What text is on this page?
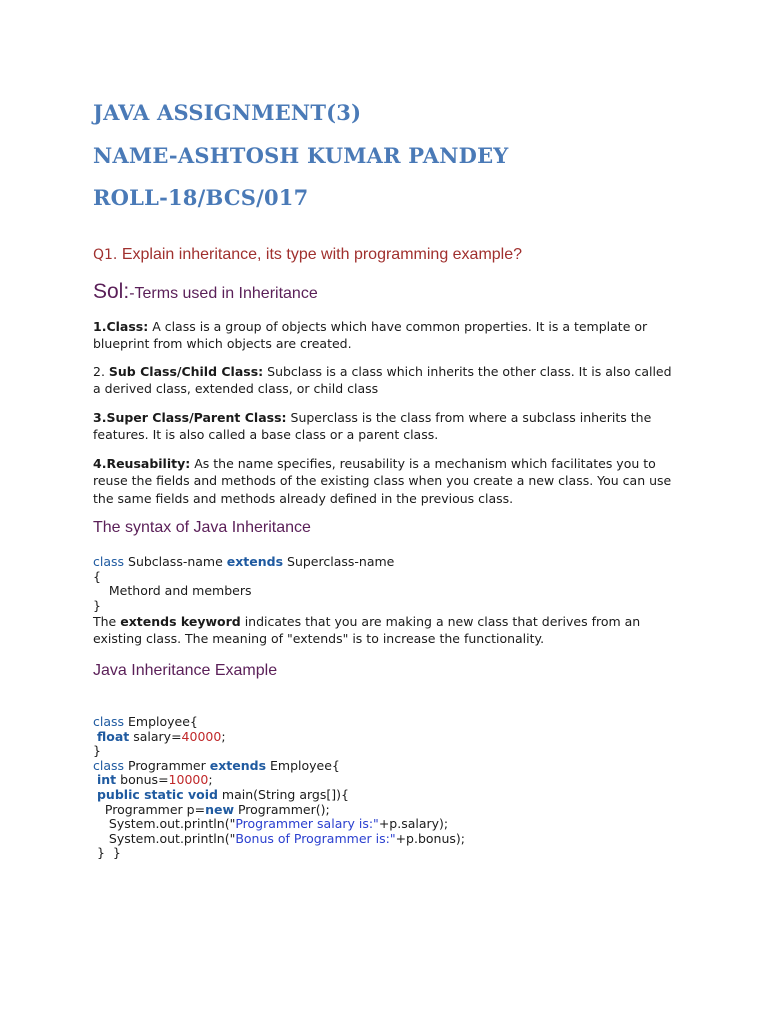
JAVA ASSIGNMENT(3)
NAME-ASHTOSH KUMAR PANDEY
ROLL-18/BCS/017

Q1. Explain inheritance, its type with programming example?

Sol:-Terms used in Inheritance

1.Class: A class is a group of objects which have common properties. It is a template or blueprint from which objects are created.

2. Sub Class/Child Class: Subclass is a class which inherits the other class. It is also called a derived class, extended class, or child class

3.Super Class/Parent Class: Superclass is the class from where a subclass inherits the features. It is also called a base class or a parent class.

4.Reusability: As the name specifies, reusability is a mechanism which facilitates you to reuse the fields and methods of the existing class when you create a new class. You can use the same fields and methods already defined in the previous class.

The syntax of Java Inheritance

class Subclass-name extends Superclass-name
{
Methord and members
}

The extends keyword indicates that you are making a new class that derives from an existing class. The meaning of "extends" is to increase the functionality.

Java Inheritance Example

class Employee{
float salary=40000;
}
class Programmer extends Employee{
int bonus=10000;
public static void main(String args[]){
Programmer p=new Programmer();
System.out.println("Programmer salary is:"+p.salary);
System.out.println("Bonus of Programmer is:"+p.bonus);
}  }
